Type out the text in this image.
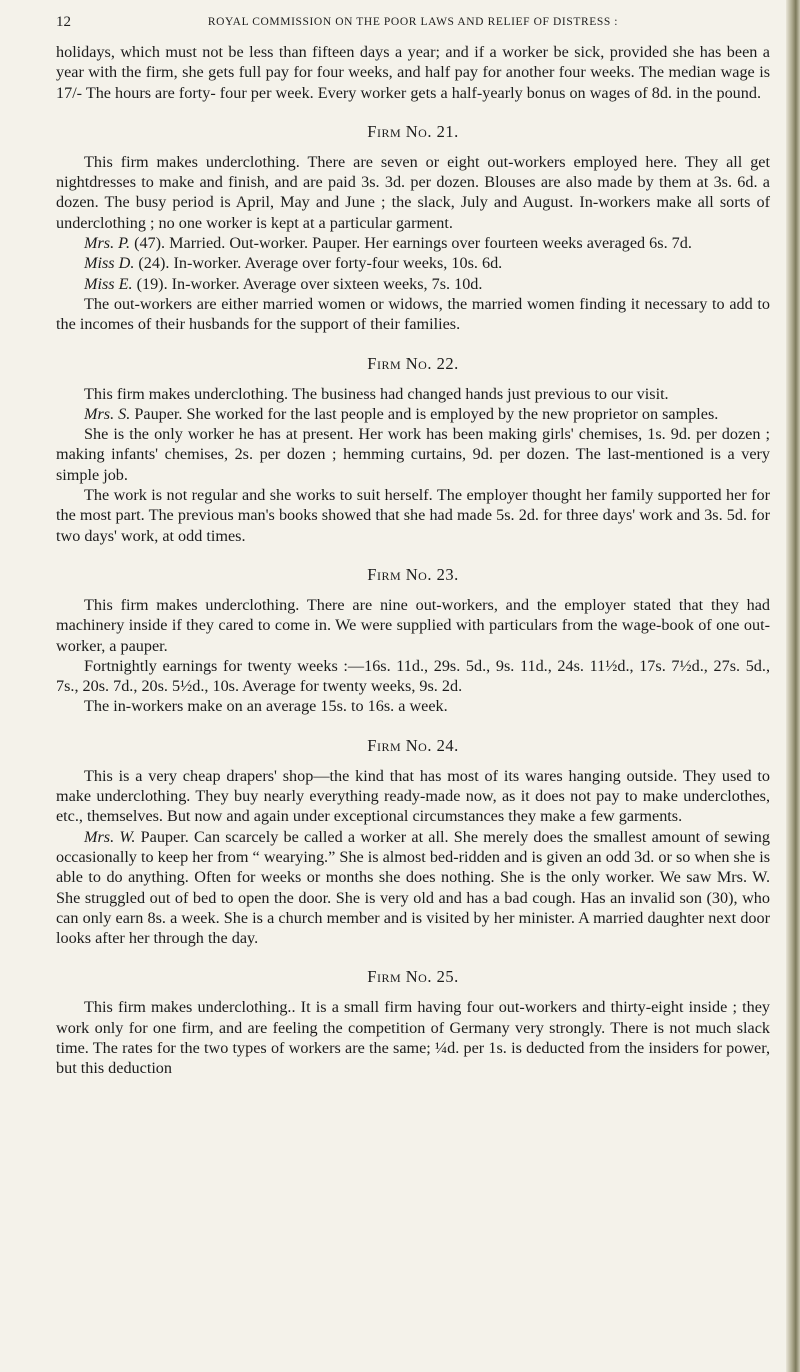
12	ROYAL COMMISSION ON THE POOR LAWS AND RELIEF OF DISTRESS :

holidays, which must not be less than fifteen days a year; and if a worker be sick, provided she has been a year with the firm, she gets full pay for four weeks, and half pay for another four weeks. The median wage is 17/- The hours are forty- four per week. Every worker gets a half-yearly bonus on wages of 8d. in the pound.

Firm No. 21.

This firm makes underclothing. There are seven or eight out-workers employed here. They all get nightdresses to make and finish, and are paid 3s. 3d. per dozen. Blouses are also made by them at 3s. 6d. a dozen. The busy period is April, May and June ; the slack, July and August. In-workers make all sorts of underclothing ; no one worker is kept at a particular garment.

Mrs. P. (47). Married. Out-worker. Pauper. Her earnings over fourteen weeks averaged 6s. 7d.

Miss D. (24). In-worker. Average over forty-four weeks, 10s. 6d.

Miss E. (19). In-worker. Average over sixteen weeks, 7s. 10d.

The out-workers are either married women or widows, the married women finding it necessary to add to the incomes of their husbands for the support of their families.

Firm No. 22.

This firm makes underclothing. The business had changed hands just previous to our visit.

Mrs. S. Pauper. She worked for the last people and is employed by the new proprietor on samples.

She is the only worker he has at present. Her work has been making girls' chemises, 1s. 9d. per dozen ; making infants' chemises, 2s. per dozen ; hemming curtains, 9d. per dozen. The last-mentioned is a very simple job.

The work is not regular and she works to suit herself. The employer thought her family supported her for the most part. The previous man's books showed that she had made 5s. 2d. for three days' work and 3s. 5d. for two days' work, at odd times.

Firm No. 23.

This firm makes underclothing. There are nine out-workers, and the employer stated that they had machinery inside if they cared to come in. We were supplied with particulars from the wage-book of one out-worker, a pauper.

Fortnightly earnings for twenty weeks :—16s. 11d., 29s. 5d., 9s. 11d., 24s. 11½d., 17s. 7½d., 27s. 5d., 7s., 20s. 7d., 20s. 5½d., 10s. Average for twenty weeks, 9s. 2d.

The in-workers make on an average 15s. to 16s. a week.

Firm No. 24.

This is a very cheap drapers' shop—the kind that has most of its wares hanging outside. They used to make underclothing. They buy nearly everything ready-made now, as it does not pay to make underclothes, etc., themselves. But now and again under exceptional circumstances they make a few garments.

Mrs. W. Pauper. Can scarcely be called a worker at all. She merely does the smallest amount of sewing occasionally to keep her from “ wearying.” She is almost bed-ridden and is given an odd 3d. or so when she is able to do anything. Often for weeks or months she does nothing. She is the only worker. We saw Mrs. W. She struggled out of bed to open the door. She is very old and has a bad cough. Has an invalid son (30), who can only earn 8s. a week. She is a church member and is visited by her minister. A married daughter next door looks after her through the day.

Firm No. 25.

This firm makes underclothing.. It is a small firm having four out-workers and thirty-eight inside ; they work only for one firm, and are feeling the competition of Germany very strongly. There is not much slack time. The rates for the two types of workers are the same; ¼d. per 1s. is deducted from the insiders for power, but this deduction
